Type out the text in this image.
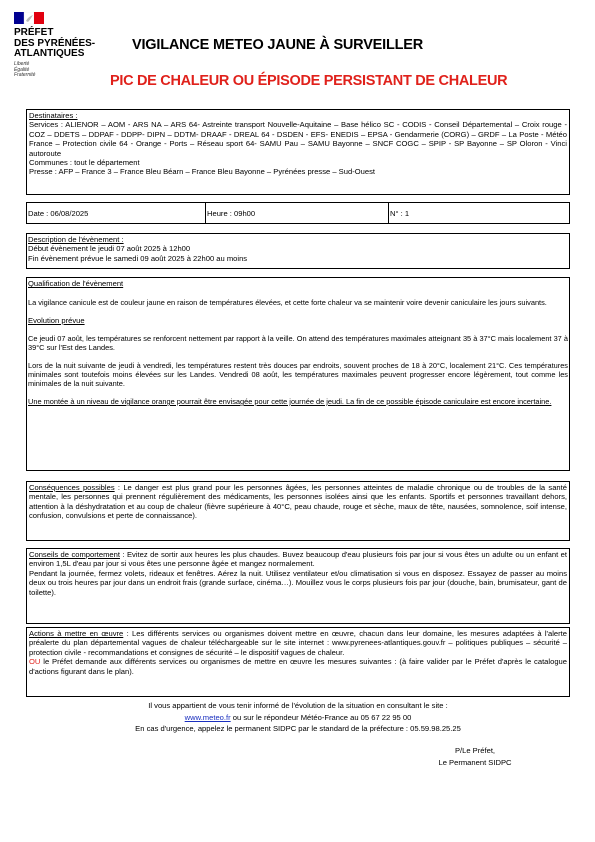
PRÉFET
DES PYRÉNÉES-
ATLANTIQUES
Liberté
Égalité
Fraternité
VIGILANCE METEO JAUNE À SURVEILLER
PIC DE CHALEUR OU ÉPISODE PERSISTANT DE CHALEUR

Destinataires :

Services : ALIENOR – AOM - ARS NA – ARS 64- Astreinte transport Nouvelle-Aquitaine – Base hélico SC - CODIS - Conseil Départemental – Croix rouge - COZ – DDETS – DDPAF - DDPP- DIPN – DDTM- DRAAF - DREAL 64 - DSDEN - EFS- ENEDIS – EPSA - Gendarmerie (CORG) – GRDF – La Poste - Météo France – Protection civile 64 - Orange - Ports – Réseau sport 64- SAMU Pau – SAMU Bayonne – SNCF COGC – SPIP - SP Bayonne – SP Oloron - Vinci autoroute

Communes : tout le département

Presse : AFP – France 3 – France Bleu Béarn – France Bleu Bayonne – Pyrénées presse – Sud-Ouest

Date : 06/08/2025	Heure : 09h00	N° : 1

Description de l'évènement :

Début évènement le jeudi 07 août 2025 à 12h00

Fin évènement prévue le samedi 09 août 2025 à 22h00 au moins

Qualification de l'évènement

La vigilance canicule est de couleur jaune en raison de températures élevées, et cette forte chaleur va se maintenir voire devenir caniculaire les jours suivants.

Evolution prévue

Ce jeudi 07 août, les températures se renforcent nettement par rapport à la veille. On attend des températures maximales atteignant 35 à 37°C mais localement 37 à 39°C sur l'Est des Landes.

Lors de la nuit suivante de jeudi à vendredi, les températures restent très douces par endroits, souvent proches de 18 à 20°C, localement 21°C. Ces températures minimales sont toutefois moins élevées sur les Landes. Vendredi 08 août, les températures maximales peuvent progresser encore légèrement, tout comme les minimales de la nuit suivante.

Une montée à un niveau de vigilance orange pourrait être envisagée pour cette journée de jeudi. La fin de ce possible épisode caniculaire est encore incertaine.

Conséquences possibles : Le danger est plus grand pour les personnes âgées, les personnes atteintes de maladie chronique ou de troubles de la santé mentale, les personnes qui prennent régulièrement des médicaments, les personnes isolées ainsi que les enfants. Sportifs et personnes travaillant dehors, attention à la déshydratation et au coup de chaleur (fièvre supérieure à 40°C, peau chaude, rouge et sèche, maux de tête, nausées, somnolence, soif intense, confusion, convulsions et perte de connaissance).

Conseils de comportement : Evitez de sortir aux heures les plus chaudes. Buvez beaucoup d'eau plusieurs fois par jour si vous êtes un adulte ou un enfant et environ 1,5L d'eau par jour si vous êtes une personne âgée et mangez normalement.

Pendant la journée, fermez volets, rideaux et fenêtres. Aérez la nuit. Utilisez ventilateur et/ou climatisation si vous en disposez. Essayez de passer au moins deux ou trois heures par jour dans un endroit frais (grande surface, cinéma…). Mouillez vous le corps plusieurs fois par jour (douche, bain, brumisateur, gant de toilette).

Actions à mettre en œuvre : Les différents services ou organismes doivent mettre en œuvre, chacun dans leur domaine, les mesures adaptées à l'alerte préalerte du plan départemental vagues de chaleur téléchargeable sur le site internet : www.pyrenees-atlantiques.gouv.fr – politiques publiques – sécurité – protection civile - recommandations et consignes de sécurité – le dispositif vagues de chaleur.

OU le Préfet demande aux différents services ou organismes de mettre en œuvre les mesures suivantes : (à faire valider par le Préfet d'après le catalogue d'actions figurant dans le plan).

Il vous appartient de vous tenir informé de l'évolution de la situation en consultant le site :
www.meteo.fr ou sur le répondeur Météo-France au 05 67 22 95 00
En cas d'urgence, appelez le permanent SIDPC par le standard de la préfecture : 05.59.98.25.25
P/Le Préfet,
Le Permanent SIDPC
